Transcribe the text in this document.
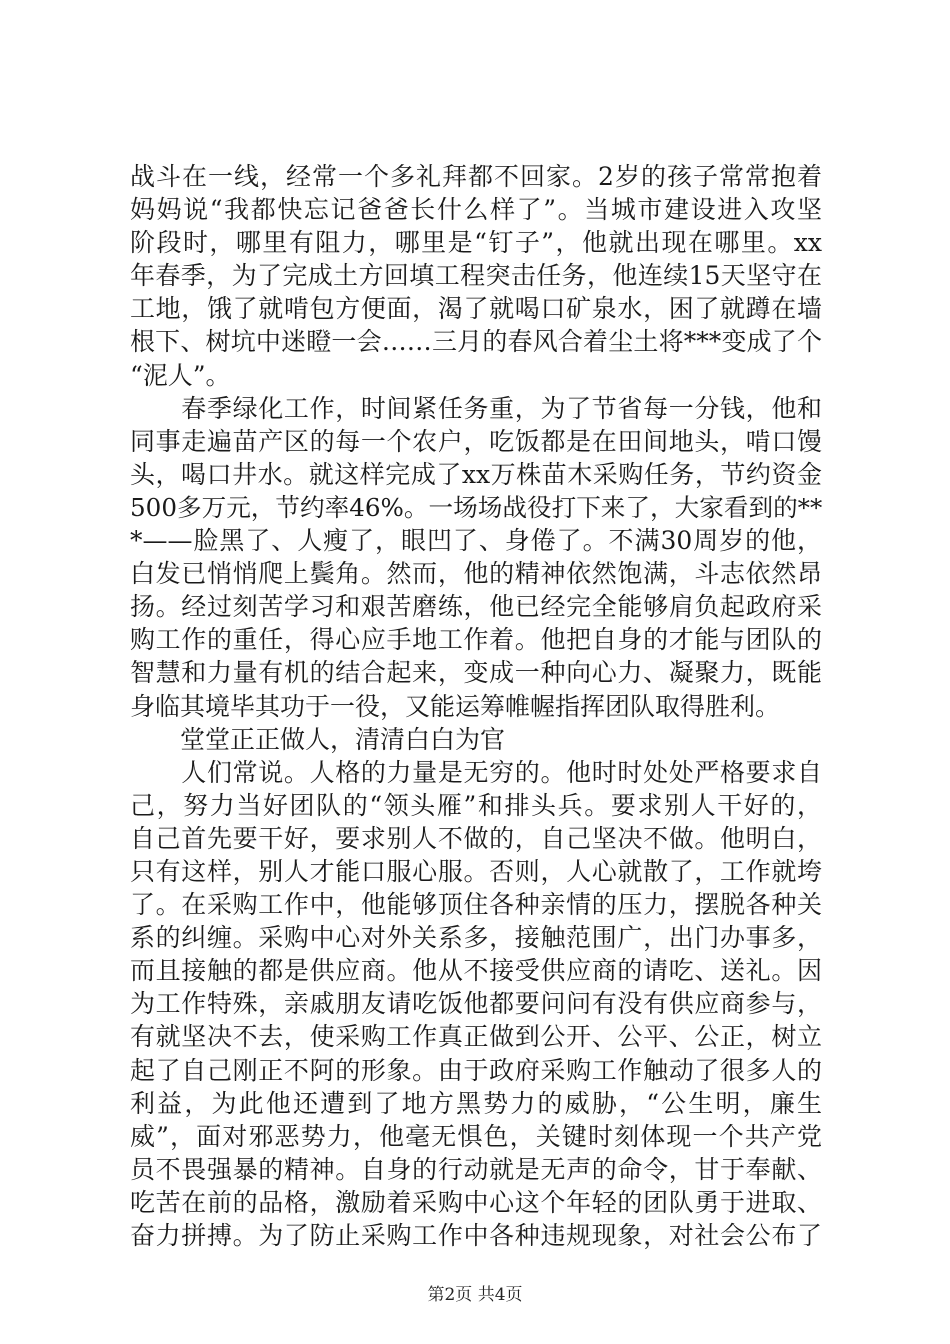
战斗在一线，经常一个多礼拜都不回家。2岁的孩子常常抱着
妈妈说“我都快忘记爸爸长什么样了”。当城市建设进入攻坚
阶段时，哪里有阻力，哪里是“钉子”，他就出现在哪里。xx
年春季，为了完成土方回填工程突击任务，他连续15天坚守在
工地，饿了就啃包方便面，渴了就喝口矿泉水，困了就蹲在墙
根下、树坑中迷瞪一会……三月的春风合着尘土将***变成了个
“泥人”。
　　春季绿化工作，时间紧任务重，为了节省每一分钱，他和
同事走遍苗产区的每一个农户，吃饭都是在田间地头，啃口馒
头，喝口井水。就这样完成了xx万株苗木采购任务，节约资金
500多万元，节约率46%。一场场战役打下来了，大家看到的**
*——脸黑了、人瘦了，眼凹了、身倦了。不满30周岁的他，
白发已悄悄爬上鬓角。然而，他的精神依然饱满，斗志依然昂
扬。经过刻苦学习和艰苦磨练，他已经完全能够肩负起政府采
购工作的重任，得心应手地工作着。他把自身的才能与团队的
智慧和力量有机的结合起来，变成一种向心力、凝聚力，既能
身临其境毕其功于一役，又能运筹帷幄指挥团队取得胜利。
　　堂堂正正做人，清清白白为官
　　人们常说。人格的力量是无穷的。他时时处处严格要求自
己，努力当好团队的“领头雁”和排头兵。要求别人干好的，
自己首先要干好，要求别人不做的，自己坚决不做。他明白，
只有这样，别人才能口服心服。否则，人心就散了，工作就垮
了。在采购工作中，他能够顶住各种亲情的压力，摆脱各种关
系的纠缠。采购中心对外关系多，接触范围广，出门办事多，
而且接触的都是供应商。他从不接受供应商的请吃、送礼。因
为工作特殊，亲戚朋友请吃饭他都要问问有没有供应商参与，
有就坚决不去，使采购工作真正做到公开、公平、公正，树立
起了自己刚正不阿的形象。由于政府采购工作触动了很多人的
利益，为此他还遭到了地方黑势力的威胁，“公生明，廉生
威”，面对邪恶势力，他毫无惧色，关键时刻体现一个共产党
员不畏强暴的精神。自身的行动就是无声的命令，甘于奉献、
吃苦在前的品格，激励着采购中心这个年轻的团队勇于进取、
奋力拼搏。为了防止采购工作中各种违规现象，对社会公布了
第2页 共4页
